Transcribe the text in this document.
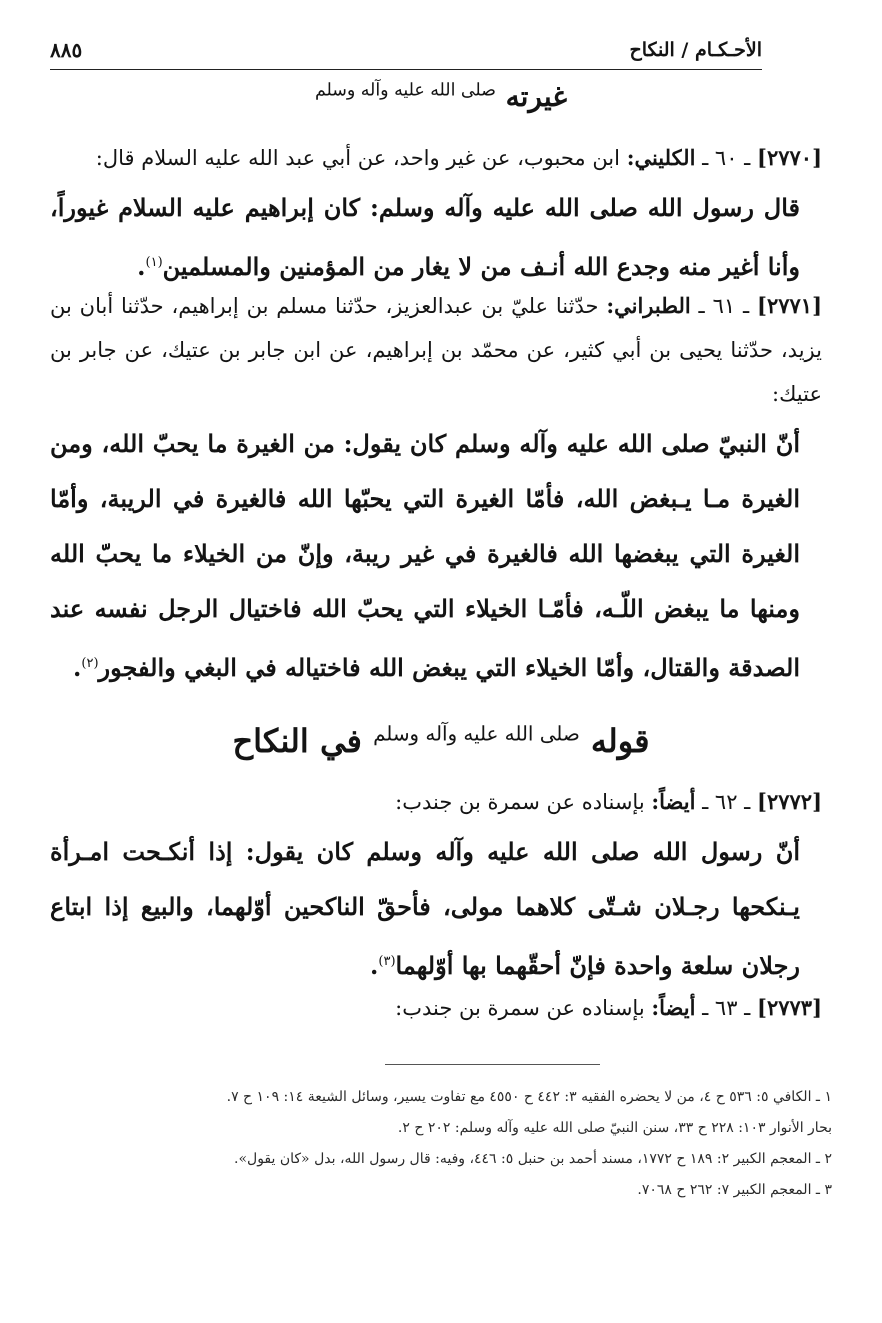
الأحـكـام / النكاح
٨٨٥
غيرته $^{صلى الله عليه وآله وسلم}$
[٢٧٧٠] ـ ٦٠ ـ الكليني: ابن محبوب، عن غير واحد، عن أبي عبد الله عليه السلام قال:
قال رسول الله صلى الله عليه وآله وسلم: كان إبراهيم عليه السلام غيوراً، وأنا أغير منه وجدع الله أنـف من لا يغار من المؤمنين والمسلمين$^{(١)}$.
[٢٧٧١] ـ ٦١ ـ الطبراني: حدّثنا عليّ بن عبدالعزيز، حدّثنا مسلم بن إبراهيم، حدّثنا أبان بن يزيد، حدّثنا يحيى بن أبي كثير، عن محمّد بن إبراهيم، عن ابن جابر بن عتيك، عن جابر بن عتيك:
أنّ النبيّ صلى الله عليه وآله وسلم كان يقول: من الغيرة ما يحبّ الله، ومن الغيرة مـا يـبغض الله، فأمّا الغيرة التي يحبّها الله فالغيرة في الريبة، وأمّا الغيرة التي يبغضها الله فالغيرة في غير ريبة، وإنّ من الخيلاء ما يحبّ الله ومنها ما يبغض اللّـه، فأمّـا الخيلاء التي يحبّ الله فاختيال الرجل نفسه عند الصدقة والقتال، وأمّا الخيلاء التي يبغض الله فاختياله في البغي والفجور$^{(٢)}$.
قوله $^{صلى الله عليه وآله وسلم}$ في النكاح
[٢٧٧٢] ـ ٦٢ ـ أيضاً: بإسناده عن سمرة بن جندب:
أنّ رسول الله صلى الله عليه وآله وسلم كان يقول: إذا أنكـحت امـرأة يـنكحها رجـلان شـتّى كلاهما مولى، فأحقّ الناكحين أوّلهما، والبيع إذا ابتاع رجلان سلعة واحدة فإنّ أحقّهما بها أوّلهما$^{(٣)}$.
[٢٧٧٣] ـ ٦٣ ـ أيضاً: بإسناده عن سمرة بن جندب:

١ ـ الكافي ٥: ٥٣٦ ح ٤، من لا يحضره الفقيه ٣: ٤٤٢ ح ٤٥٥٠ مع تفاوت يسير، وسائل الشيعة ١٤: ١٠٩ ح ٧.

بحار الأنوار ١٠٣: ٢٢٨ ح ٣٣، سنن النبيّ صلى الله عليه وآله وسلم: ٢٠٢ ح ٢.

٢ ـ المعجم الكبير ٢: ١٨٩ ح ١٧٧٢، مسند أحمد بن حنبل ٥: ٤٤٦، وفيه: قال رسول الله، بدل «كان يقول».

٣ ـ المعجم الكبير ٧: ٢٦٢ ح ٧٠٦٨.
